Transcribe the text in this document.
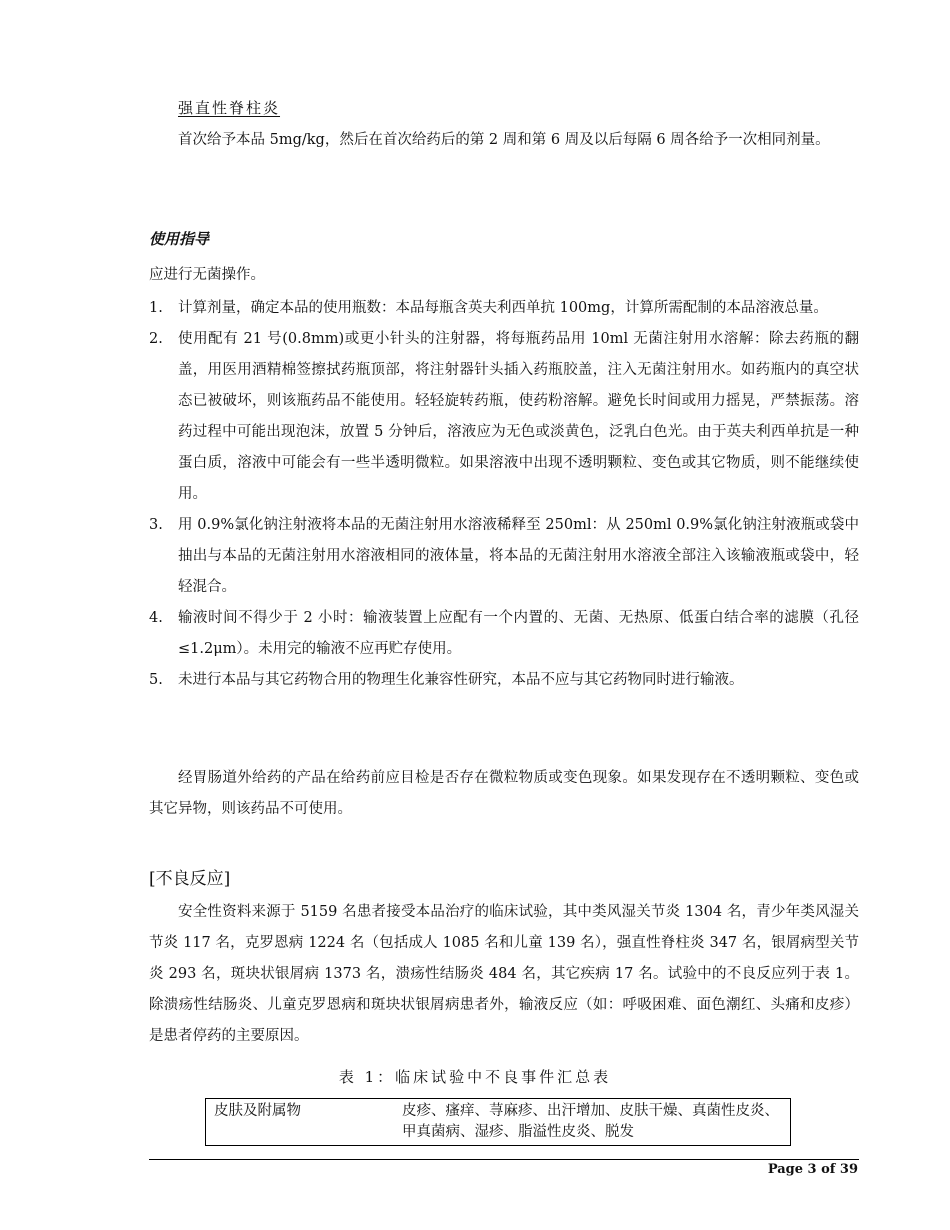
强直性脊柱炎

首次给予本品 5mg/kg，然后在首次给药后的第 2 周和第 6 周及以后每隔 6 周各给予一次相同剂量。

使用指导

应进行无菌操作。

1. 计算剂量，确定本品的使用瓶数：本品每瓶含英夫利西单抗 100mg，计算所需配制的本品溶液总量。
2. 使用配有 21 号(0.8mm)或更小针头的注射器，将每瓶药品用 10ml 无菌注射用水溶解：除去药瓶的翻盖，用医用酒精棉签擦拭药瓶顶部，将注射器针头插入药瓶胶盖，注入无菌注射用水。如药瓶内的真空状态已被破坏，则该瓶药品不能使用。轻轻旋转药瓶，使药粉溶解。避免长时间或用力摇晃，严禁振荡。溶药过程中可能出现泡沫，放置 5 分钟后，溶液应为无色或淡黄色，泛乳白色光。由于英夫利西单抗是一种蛋白质，溶液中可能会有一些半透明微粒。如果溶液中出现不透明颗粒、变色或其它物质，则不能继续使用。
3. 用 0.9%氯化钠注射液将本品的无菌注射用水溶液稀释至 250ml：从 250ml 0.9%氯化钠注射液瓶或袋中抽出与本品的无菌注射用水溶液相同的液体量，将本品的无菌注射用水溶液全部注入该输液瓶或袋中，轻轻混合。
4. 输液时间不得少于 2 小时：输液装置上应配有一个内置的、无菌、无热原、低蛋白结合率的滤膜（孔径≤1.2μm）。未用完的输液不应再贮存使用。
5. 未进行本品与其它药物合用的物理生化兼容性研究，本品不应与其它药物同时进行输液。

经胃肠道外给药的产品在给药前应目检是否存在微粒物质或变色现象。如果发现存在不透明颗粒、变色或其它异物，则该药品不可使用。

[不良反应]

安全性资料来源于 5159 名患者接受本品治疗的临床试验，其中类风湿关节炎 1304 名，青少年类风湿关节炎 117 名，克罗恩病 1224 名（包括成人 1085 名和儿童 139 名），强直性脊柱炎 347 名，银屑病型关节炎 293 名，斑块状银屑病 1373 名，溃疡性结肠炎 484 名，其它疾病 17 名。试验中的不良反应列于表 1。除溃疡性结肠炎、儿童克罗恩病和斑块状银屑病患者外，输液反应（如：呼吸困难、面色潮红、头痛和皮疹）是患者停药的主要原因。

表 1：临床试验中不良事件汇总表
皮肤及附属物	皮疹、瘙痒、荨麻疹、出汗增加、皮肤干燥、真菌性皮炎、甲真菌病、湿疹、脂溢性皮炎、脱发
Page 3 of 39
